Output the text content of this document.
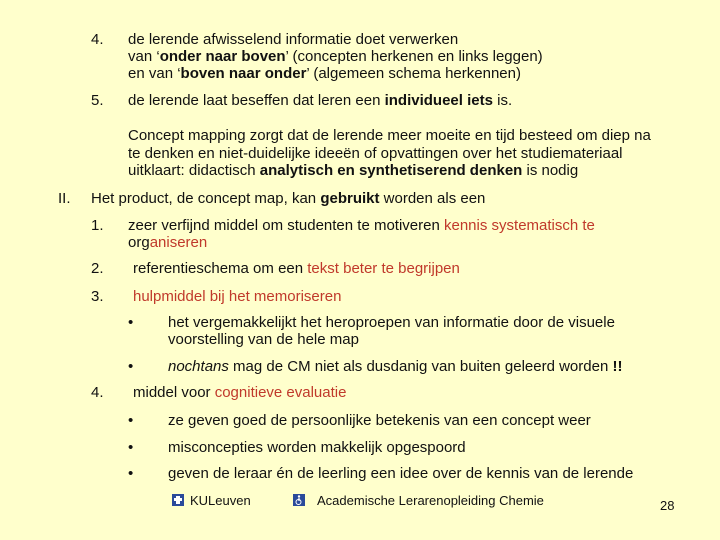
4. de lerende afwisselend informatie doet verwerken
van ‘onder naar boven’ (concepten herkenen en links leggen)
en van ‘boven naar onder’ (algemeen schema herkennen)
5. de lerende laat beseffen dat leren een individueel iets is.
Concept mapping zorgt dat de lerende meer moeite en tijd besteed om diep na
te denken en niet-duidelijke ideeën of opvattingen over het studiemateriaal
uitklaart: didactisch analytisch en synthetiserend denken is nodig
II. Het product, de concept map, kan gebruikt worden als een
1. zeer verfijnd middel om studenten te motiveren kennis systematisch te
organiseren
2. referentieschema om een tekst beter te begrijpen
3. hulpmiddel bij het memoriseren
• het vergemakkelijkt het heroproepen van informatie door de visuele
voorstelling van de hele map
• nochtans mag de CM niet als dusdanig van buiten geleerd worden !!
4. middel voor cognitieve evaluatie
• ze geven goed de persoonlijke betekenis van een concept weer
• misconcepties worden makkelijk opgespoord
• geven de leraar én de leerling een idee over de kennis van de lerende
KULeuven	Academische Lerarenopleiding Chemie	28
